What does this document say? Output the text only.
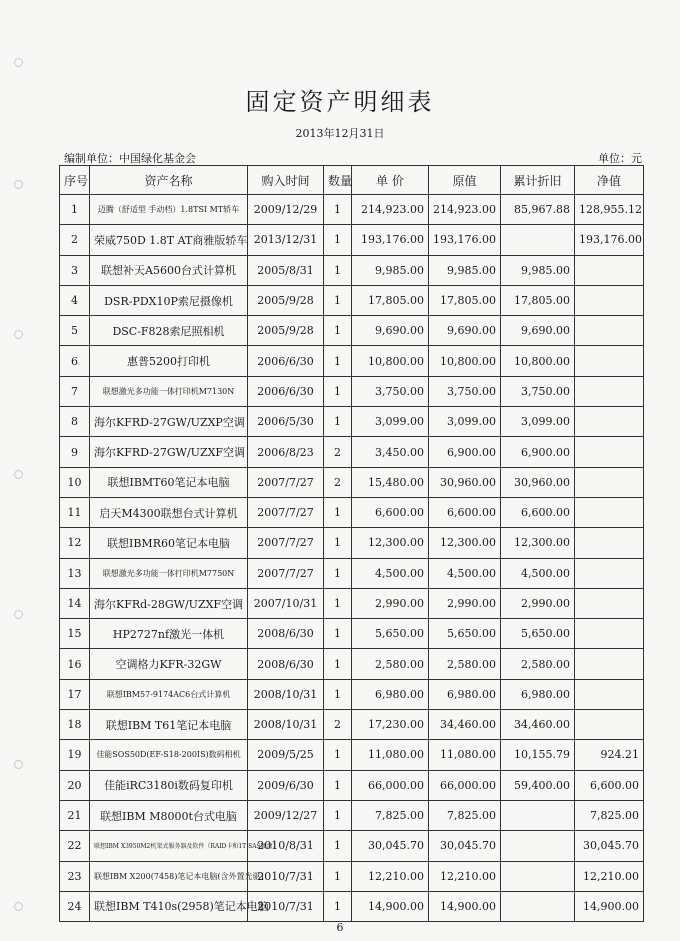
固定资产明细表
2013年12月31日
编制单位：中国绿化基金会	单位：元
序号	资产名称	购入时间	数量	单 价	原值	累计折旧	净值
1	迈腾（舒适型 手动档）1.8TSI MT轿车	2009/12/29	1	214,923.00	214,923.00	85,967.88	128,955.12
2	荣威750D 1.8T AT商雅版轿车	2013/12/31	1	193,176.00	193,176.00		193,176.00
3	联想补天A5600台式计算机	2005/8/31	1	9,985.00	9,985.00	9,985.00	
4	DSR-PDX10P索尼摄像机	2005/9/28	1	17,805.00	17,805.00	17,805.00	
5	DSC-F828索尼照相机	2005/9/28	1	9,690.00	9,690.00	9,690.00	
6	惠普5200打印机	2006/6/30	1	10,800.00	10,800.00	10,800.00	
7	联想激光多功能一体打印机M7130N	2006/6/30	1	3,750.00	3,750.00	3,750.00	
8	海尔KFRD-27GW/UZXP空调	2006/5/30	1	3,099.00	3,099.00	3,099.00	
9	海尔KFRD-27GW/UZXF空调	2006/8/23	2	3,450.00	6,900.00	6,900.00	
10	联想IBMT60笔记本电脑	2007/7/27	2	15,480.00	30,960.00	30,960.00	
11	启天M4300联想台式计算机	2007/7/27	1	6,600.00	6,600.00	6,600.00	
12	联想IBMR60笔记本电脑	2007/7/27	1	12,300.00	12,300.00	12,300.00	
13	联想激光多功能一体打印机M7750N	2007/7/27	1	4,500.00	4,500.00	4,500.00	
14	海尔KFRd-28GW/UZXF空调	2007/10/31	1	2,990.00	2,990.00	2,990.00	
15	HP2727nf激光一体机	2008/6/30	1	5,650.00	5,650.00	5,650.00	
16	空调格力KFR-32GW	2008/6/30	1	2,580.00	2,580.00	2,580.00	
17	联想IBM57-9174AC6台式计算机	2008/10/31	1	6,980.00	6,980.00	6,980.00	
18	联想IBM T61笔记本电脑	2008/10/31	2	17,230.00	34,460.00	34,460.00	
19	佳能SOS50D(EF-S18-200IS)数码相机	2009/5/25	1	11,080.00	11,080.00	10,155.79	924.21
20	佳能iRC3180i数码复印机	2009/6/30	1	66,000.00	66,000.00	59,400.00	6,600.00
21	联想IBM M8000t台式电脑	2009/12/27	1	7,825.00	7,825.00		7,825.00
22	联想IBM X3950M2机架式服务器及软件（RAID卡和1T SAS硬盘）	2010/8/31	1	30,045.70	30,045.70		30,045.70
23	联想IBM X200(7458)笔记本电脑(含外置光驱)	2010/7/31	1	12,210.00	12,210.00		12,210.00
24	联想IBM T410s(2958)笔记本电脑	2010/7/31	1	14,900.00	14,900.00		14,900.00
6
